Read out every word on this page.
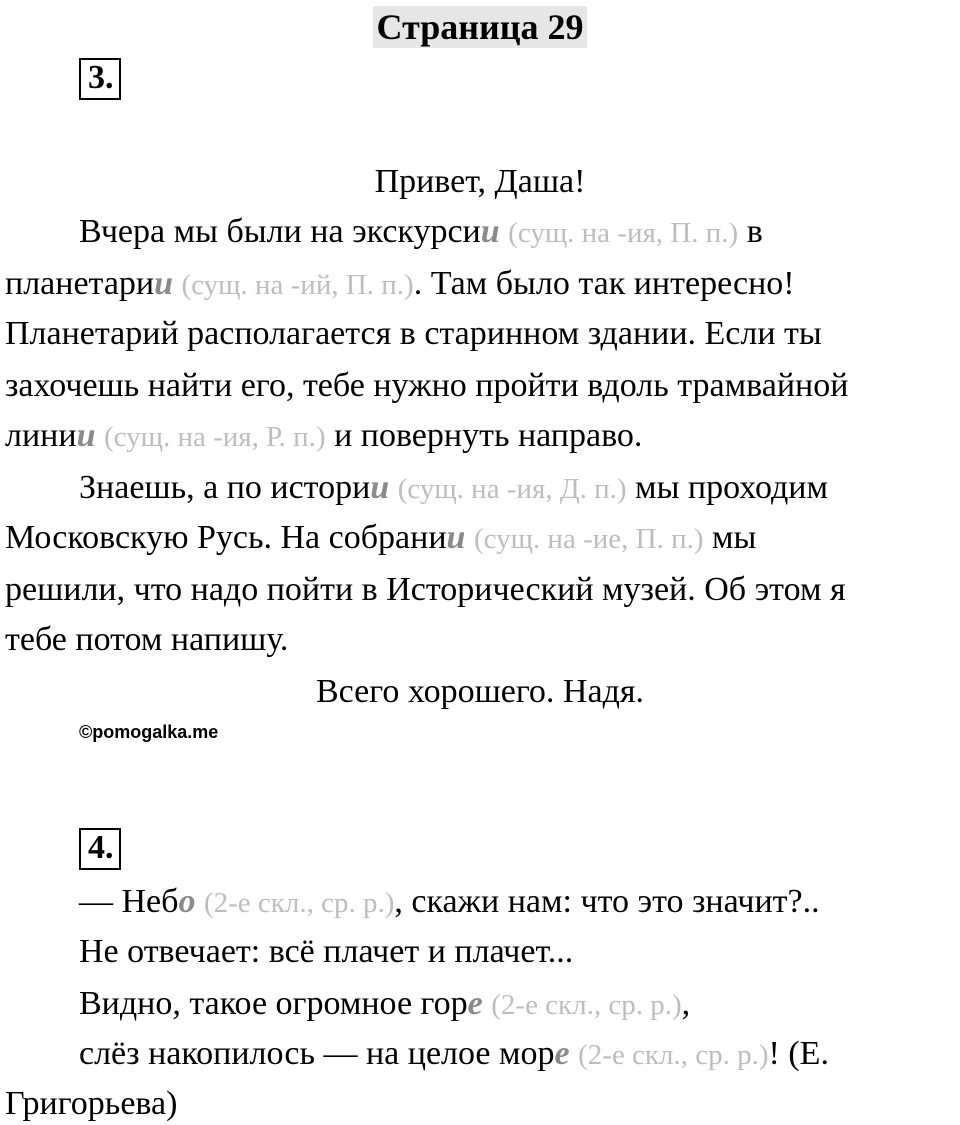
Страница 29
3.
Привет, Даша!
Вчера мы были на экскурсии (сущ. на -ия, П. п.) в
планетарии (сущ. на -ий, П. п.). Там было так интересно!
Планетарий располагается в старинном здании. Если ты
захочешь найти его, тебе нужно пройти вдоль трамвайной
линии (сущ. на -ия, Р. п.) и повернуть направо.
Знаешь, а по истории (сущ. на -ия, Д. п.) мы проходим
Московскую Русь. На собрании (сущ. на -ие, П. п.) мы
решили, что надо пойти в Исторический музей. Об этом я
тебе потом напишу.
Всего хорошего. Надя.
©pomogalka.me
4.
— Небо (2-е скл., ср. р.), скажи нам: что это значит?..
Не отвечает: всё плачет и плачет...
Видно, такое огромное горе (2-е скл., ср. р.),
слёз накопилось — на целое море (2-е скл., ср. р.)! (Е.
Григорьева)
